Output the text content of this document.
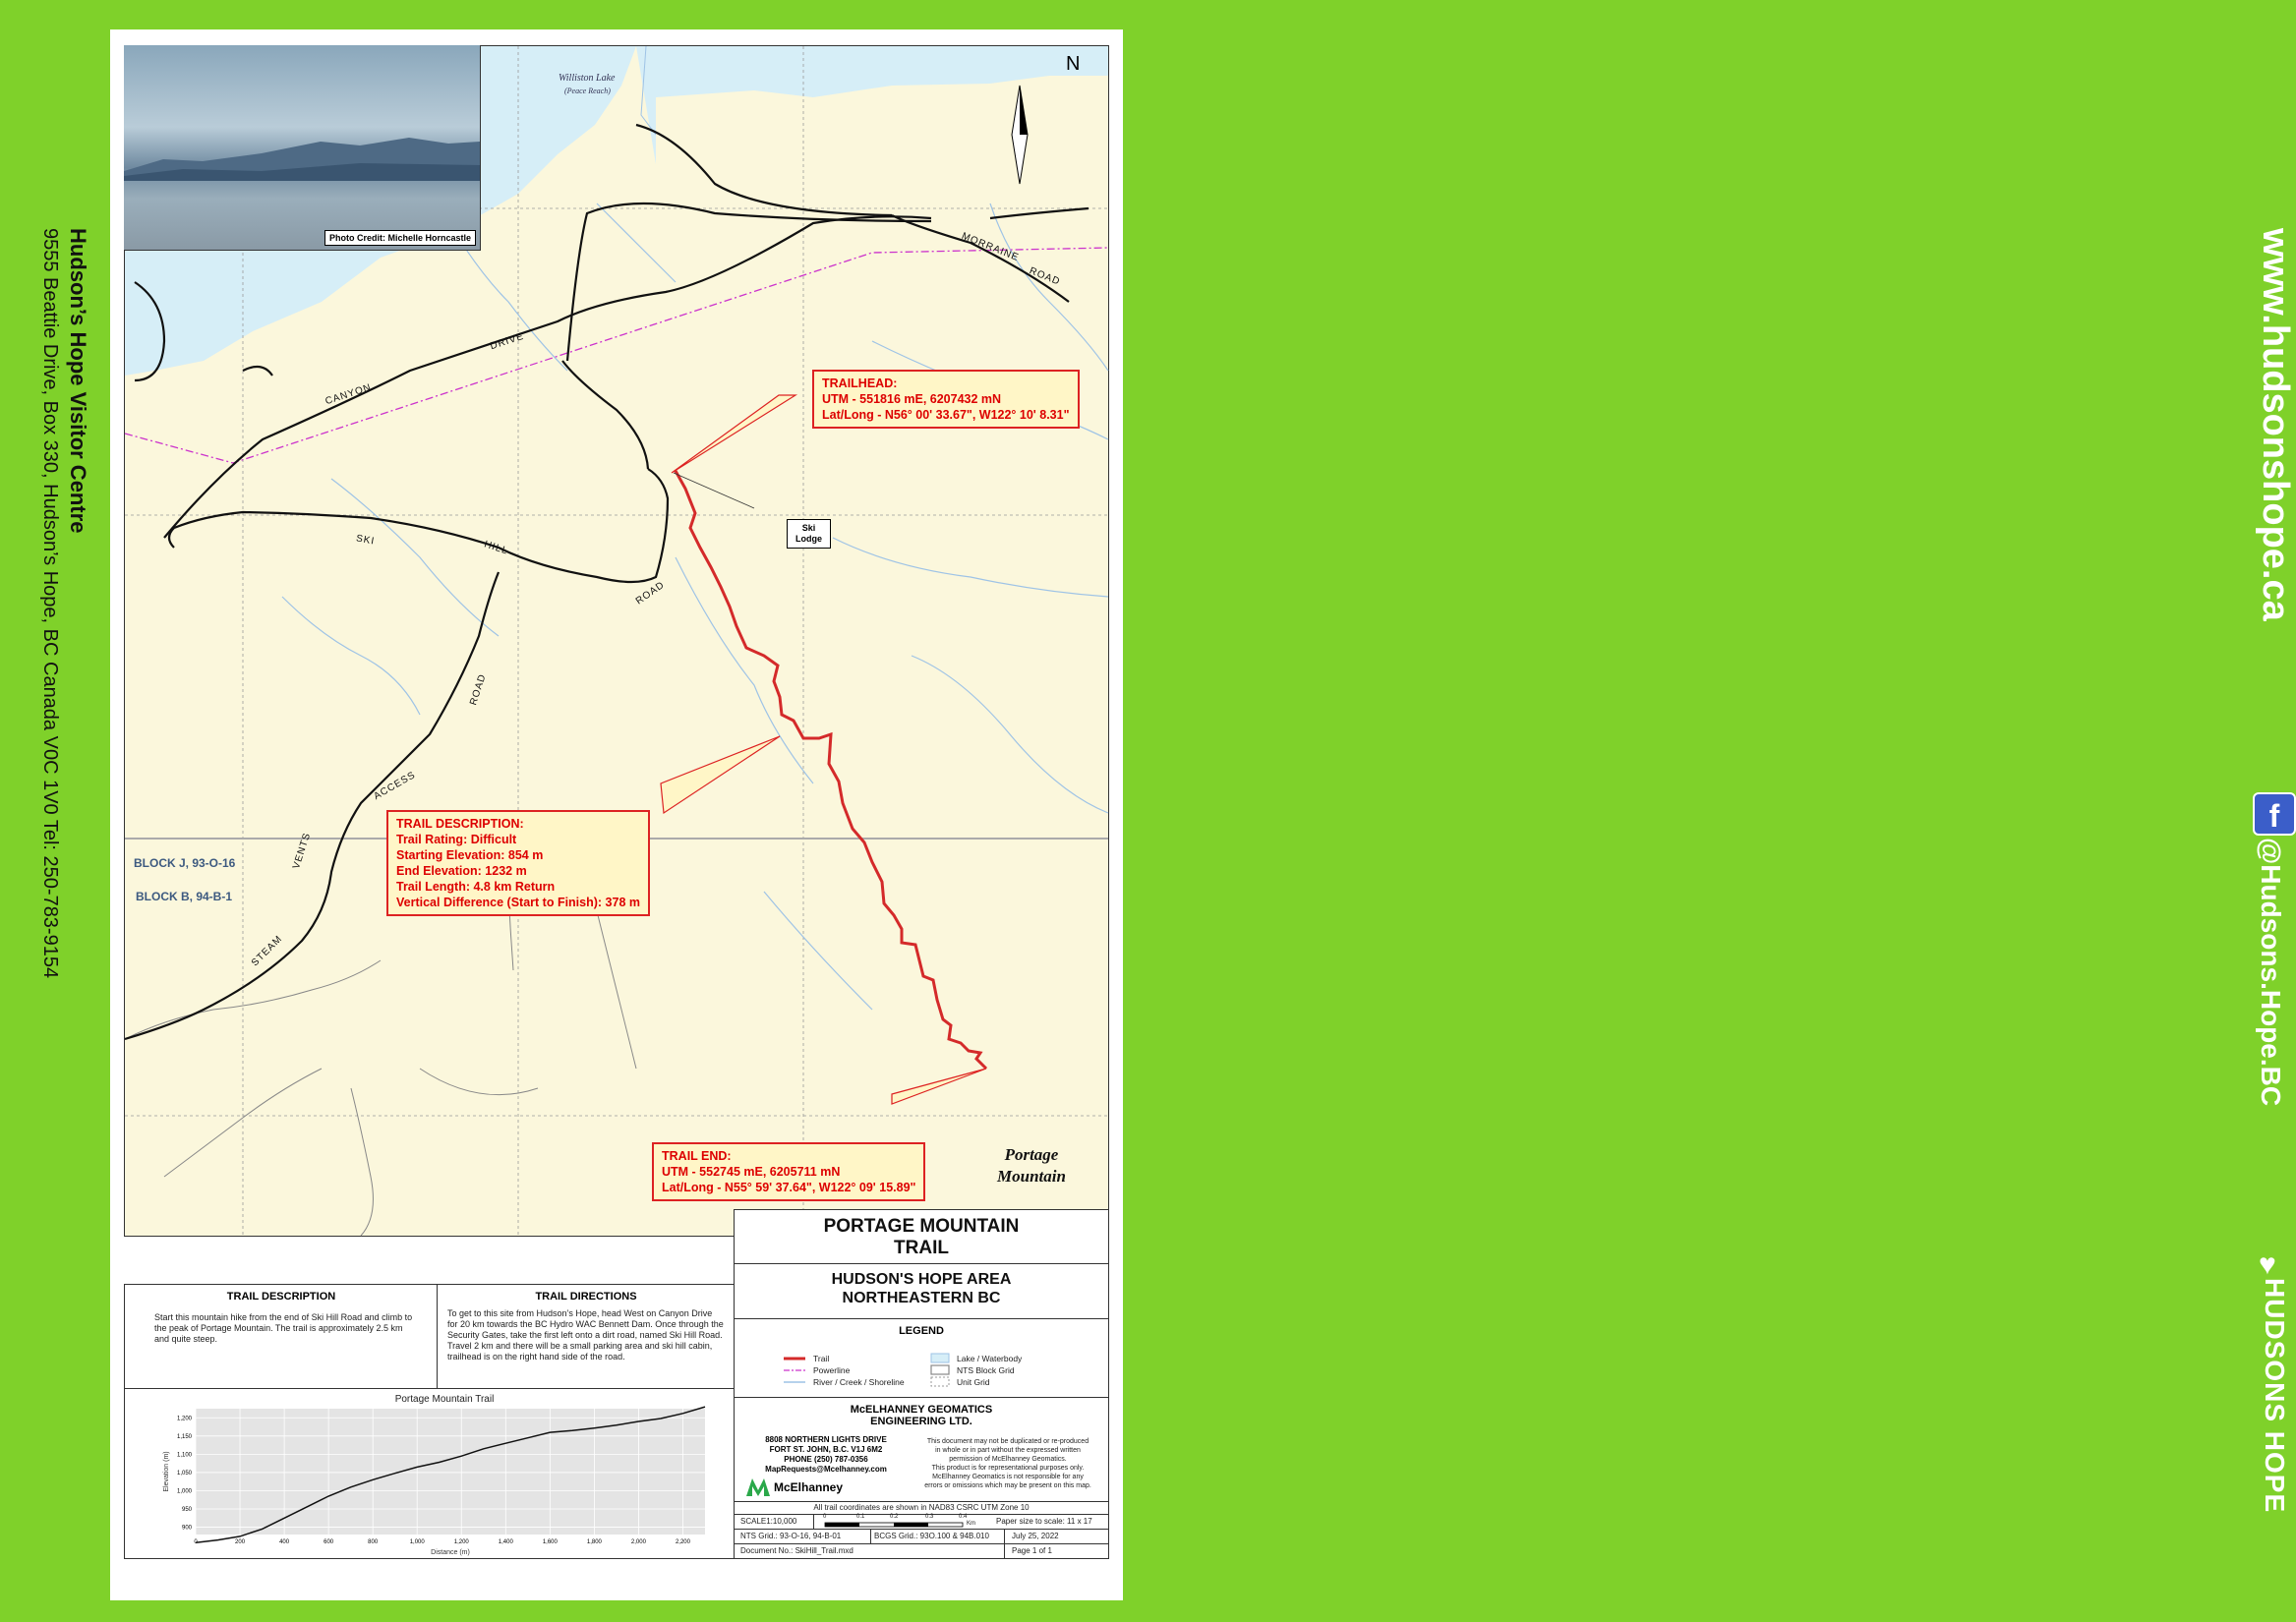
Hudson’s Hope Visitor Centre
9555 Beattie Drive, Box 330, Hudson’s Hope, BC Canada V0C 1V0 Tel: 250-783-9154	www.hudsonshope.ca
f
@Hudsons.Hope.BC
♥
HUDSONS HOPE
Photo Credit: Michelle Horncastle
Williston Lake
(Peace Reach)
N
CANYON
DRIVE
MORRAINE
ROAD
SKI	HILL
ROAD
ROAD
ACCESS
VENTS
STEAM
BLOCK J, 93-O-16
BLOCK B, 94-B-1
Ski
Lodge
Portage
Mountain
TRAILHEAD:
UTM - 551816 mE, 6207432 mN
Lat/Long - N56° 00' 33.67", W122° 10' 8.31"
TRAIL DESCRIPTION:
Trail Rating: Difficult
Starting Elevation: 854 m
End Elevation: 1232 m
Trail Length: 4.8 km Return
Vertical Difference (Start to Finish): 378 m
TRAIL END:
UTM - 552745 mE, 6205711 mN
Lat/Long - N55° 59' 37.64", W122° 09' 15.89"
TRAIL DESCRIPTION

Start this mountain hike from the end of Ski Hill Road and climb to the peak of Portage Mountain. The trail is approximately 2.5 km and quite steep.

TRAIL DIRECTIONS

To get to this site from Hudson’s Hope, head West on Canyon Drive for 20 km towards the BC Hydro WAC Bennett Dam. Once through the Security Gates, take the first left onto a dirt road, named Ski Hill Road. Travel 2 km and there will be a small parking area and ski hill cabin, trailhead is on the right hand side of the road.

900
950
1,000
1,050
1,100
1,150
1,200
0	200	400	600	800	1,000	1,200	1,400	1,600	1,800	2,000	2,200
Portage Mountain Trail
Distance (m)
Elevation (m)
PORTAGE MOUNTAIN
TRAIL
HUDSON'S HOPE AREA
NORTHEASTERN BC
LEGEND
Trail
Powerline
River / Creek / Shoreline
Lake / Waterbody
NTS Block Grid
Unit Grid
McELHANNEY GEOMATICS
ENGINEERING LTD.
8808 NORTHERN LIGHTS DRIVE
FORT ST. JOHN, B.C. V1J 6M2
PHONE (250) 787-0356
MapRequests@Mcelhanney.com
McElhanney
This document may not be duplicated or re-produced
in whole or in part without the expressed written
permission of McElhanney Geomatics.
This product is for representational purposes only.
McElhanney Geomatics is not responsible for any
errors or omissions which may be present on this map.
All trail coordinates are shown in NAD83 CSRC UTM Zone 10
SCALE1:10,000	0	0.1	0.2	0.3	0.4
Km	Paper size to scale: 11 x 17
NTS Grid.: 93-O-16, 94-B-01	BCGS Grid.: 93O.100 & 94B.010	July 25, 2022
Document No.: SkiHill_Trail.mxd	Page 1 of 1
